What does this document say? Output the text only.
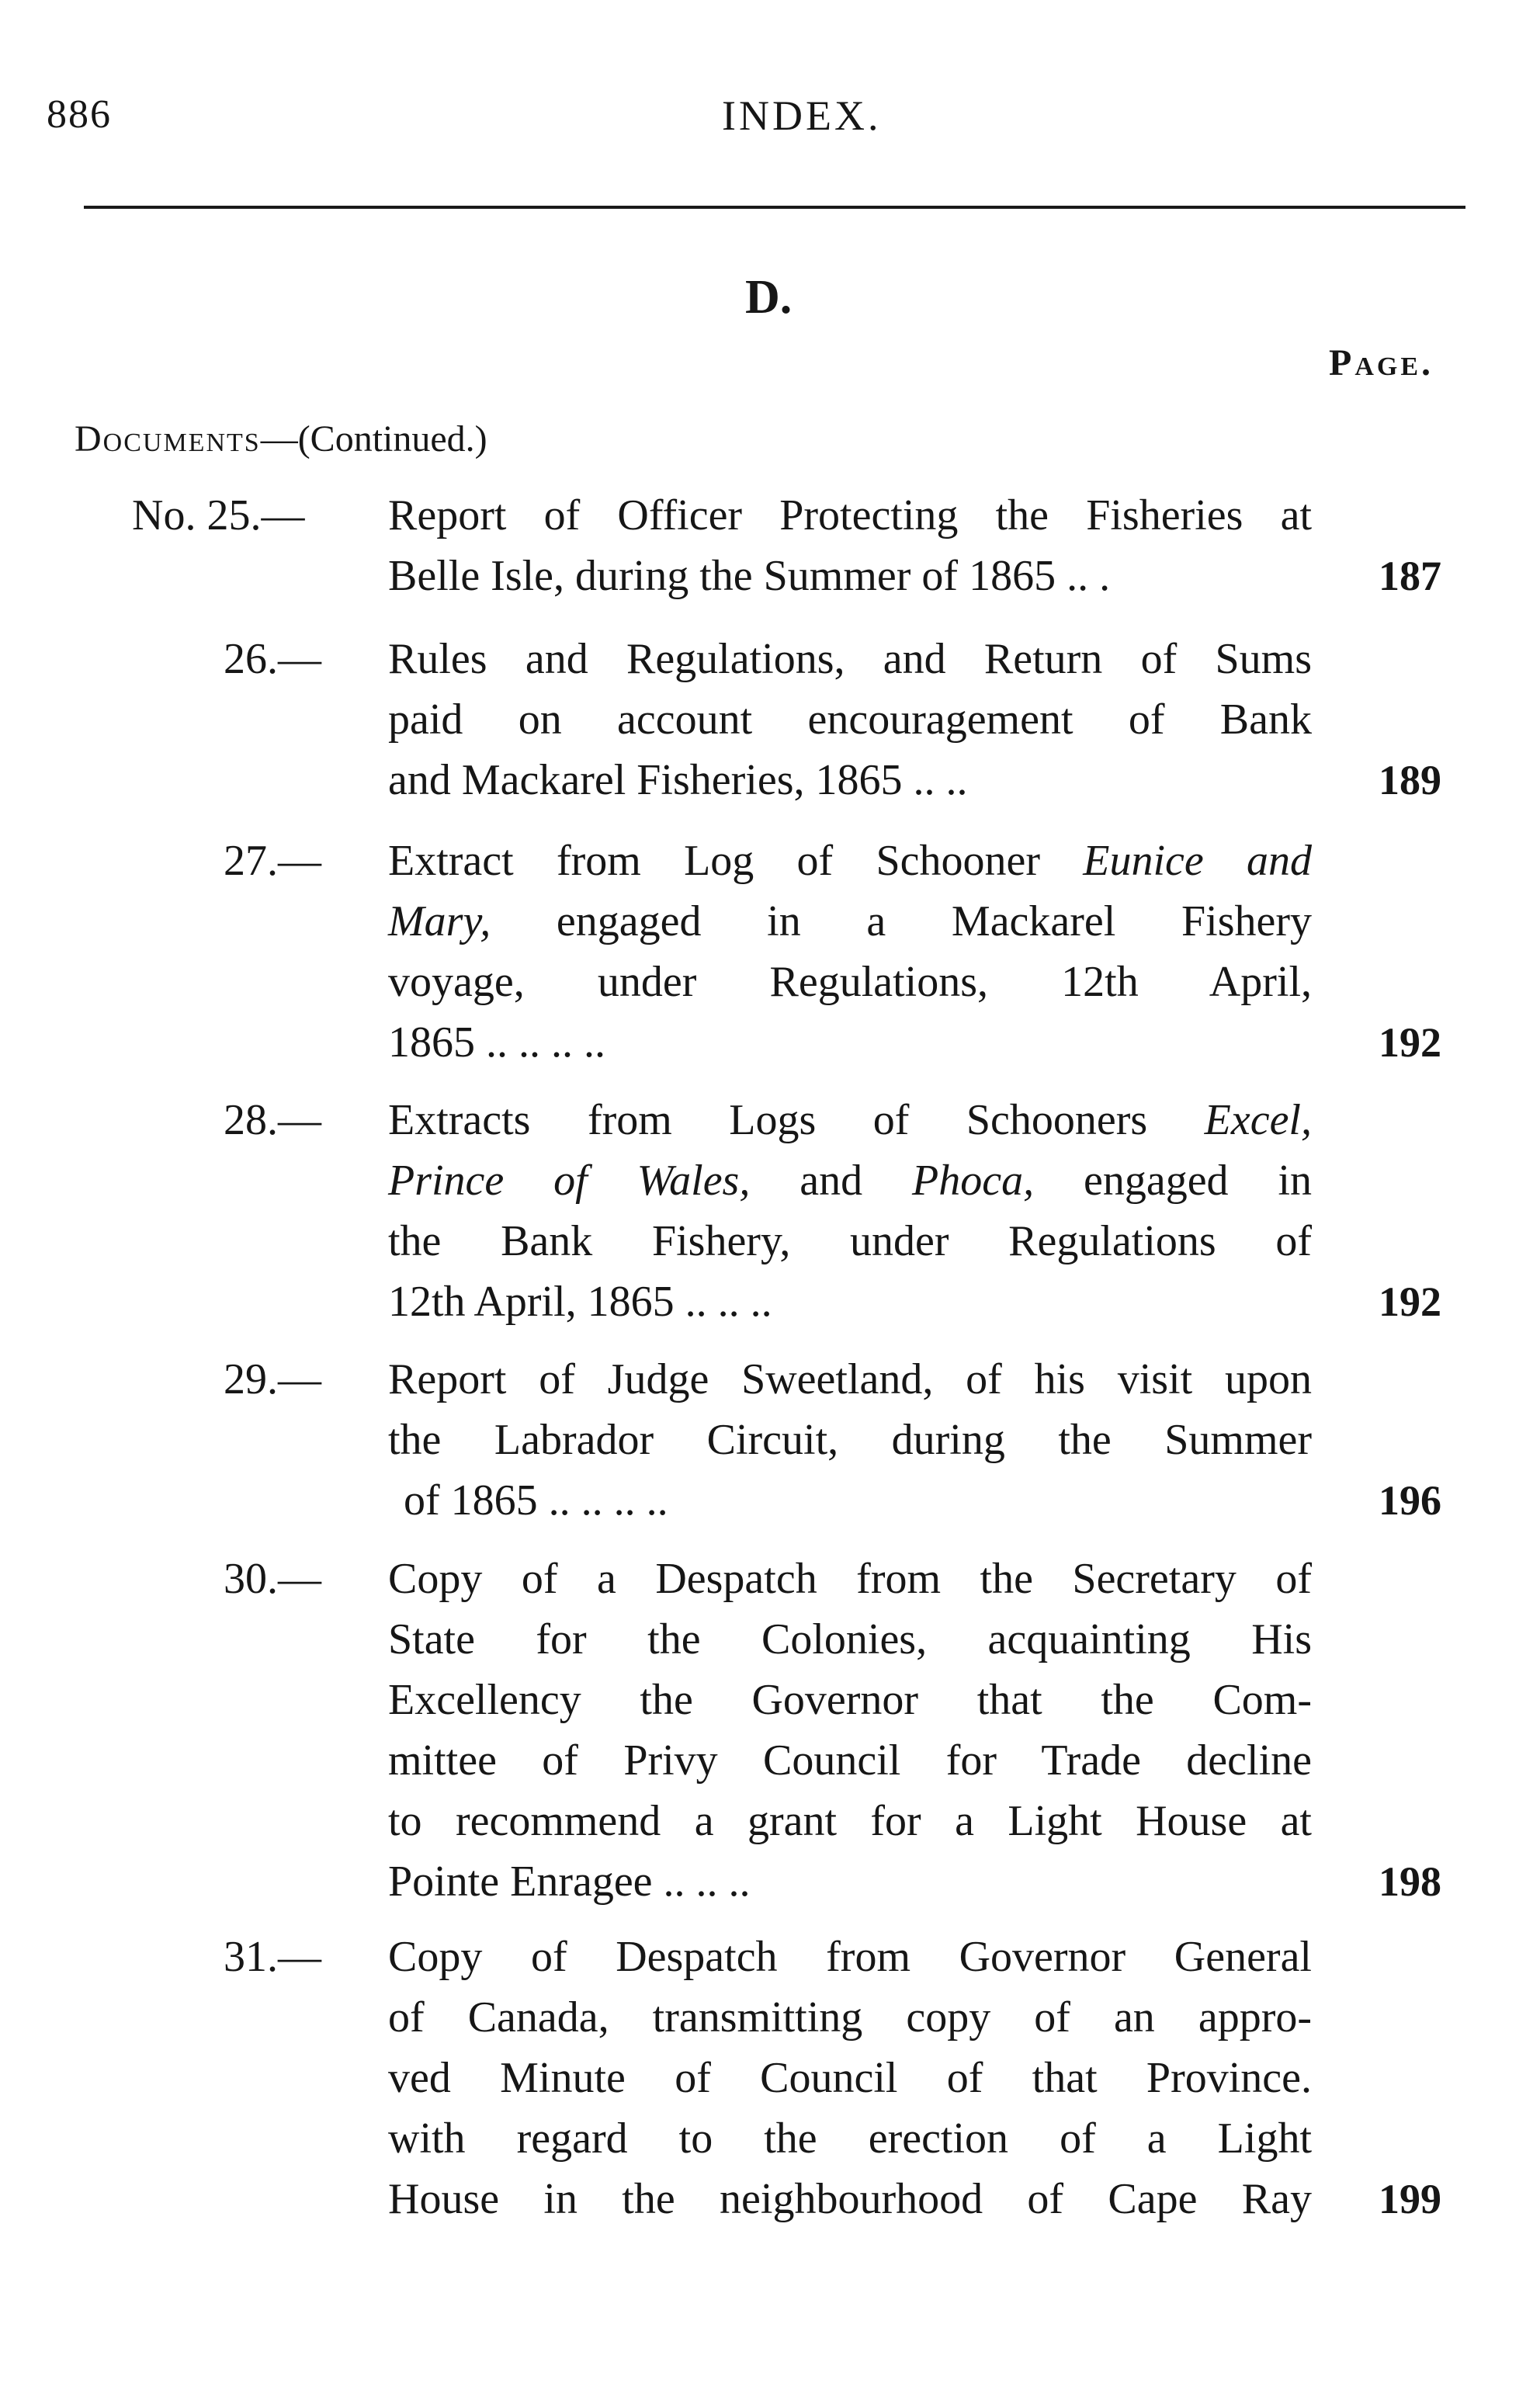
886	INDEX.
D.
Page.
Documents—(Continued.)
No. 25.— Report of Officer Protecting the Fisheries at
Belle Isle, during the Summer of 1865 .. .	187
26.— Rules and Regulations, and Return of Sums
paid on account encouragement of Bank
and Mackarel Fisheries, 1865 .. ..	189
27.— Extract from Log of Schooner Eunice and
Mary, engaged in a Mackarel Fishery
voyage, under Regulations, 12th April,
1865 .. .. .. ..	192
28.— Extracts from Logs of Schooners Excel,
Prince of Wales, and Phoca, engaged in
the Bank Fishery, under Regulations of
12th April, 1865 .. .. ..	192
29.— Report of Judge Sweetland, of his visit upon
the Labrador Circuit, during the Summer
of 1865 .. .. .. ..	196
30.— Copy of a Despatch from the Secretary of
State for the Colonies, acquainting His
Excellency the Governor that the Com-
mittee of Privy Council for Trade decline
to recommend a grant for a Light House at
Pointe Enragee .. .. ..	198
31.— Copy of Despatch from Governor General
of Canada, transmitting copy of an appro-
ved Minute of Council of that Province.
with regard to the erection of a Light
House in the neighbourhood of Cape Ray 199
